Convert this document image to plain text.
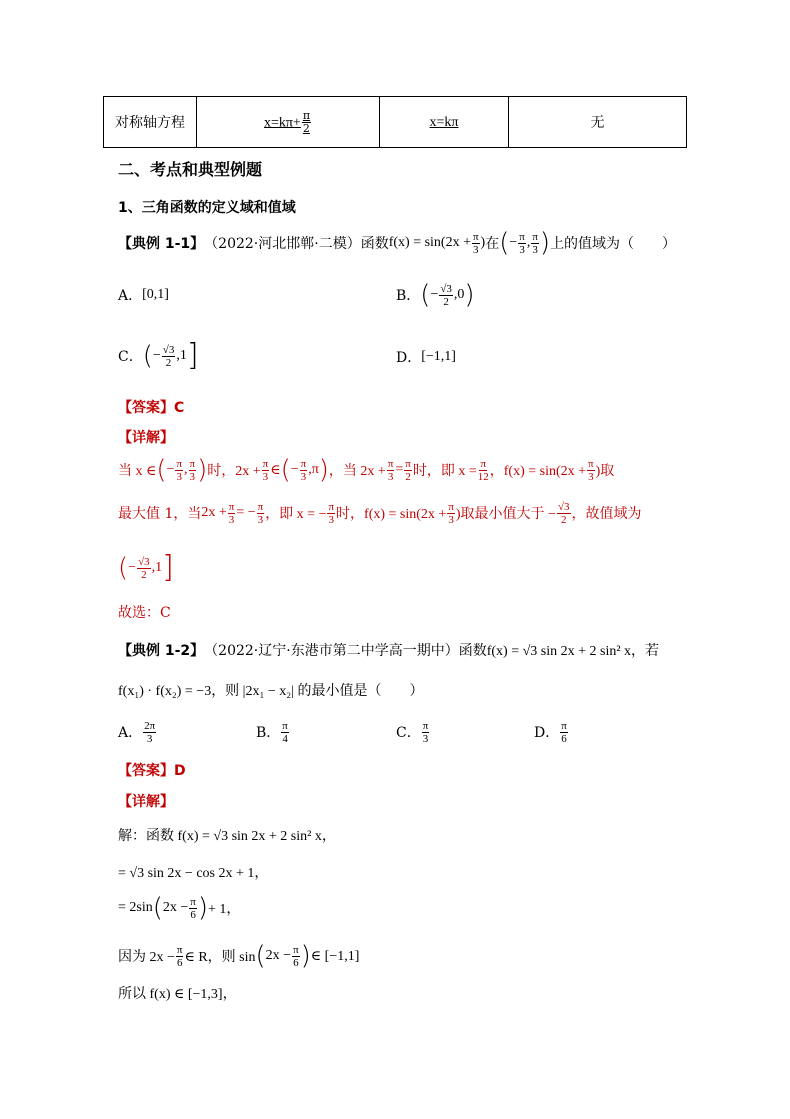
对称轴方程	$x=k\pi+ \frac{\pi}{2}$	x=kπ	无
二、考点和典型例题
1、三角函数的定义域和值域
【典例 1-1】 （2022·河北邯郸·二模）函数 $f(x) = \sin(2x + \frac{\pi}{3}$ ) 在 ( − $\frac{\pi}{3}$ , $\frac{\pi}{3}$ ) 上的值域为（　　）
A． [0,1]	B． ( − $\frac{√3}{2} ,0$ )
C． ( − $\frac{√3}{2} ,1$ ]	D． [−1,1]
【答案】C
【详解】
当 x ∈ ( − $\frac{\pi}{3}$ , $\frac{\pi}{3}$ ) 时，$2x + \frac{\pi}{3}$ ∈ ( − $\frac{\pi}{3} ,\pi$ ) ，当 $2x + \frac{\pi}{3} = \frac{\pi}{2}$ 时，即 $x = \frac{\pi}{12}$ ，$f(x) = \sin(2x + \frac{\pi}{3}$ )取
最大值 1，当 $2x + \frac{\pi}{3}$ = − $\frac{\pi}{3}$ ，即 x = − $\frac{\pi}{3}$ 时，$f(x) = \sin(2x + \frac{\pi}{3}$ )取最小值大于 − $\frac{√3}{2}$ ，故值域为
( − $\frac{√3}{2} ,1$ ]
故选：C
【典例 1-2】 （2022·辽宁·东港市第二中学高一期中）函数 f(x) = √3 sin 2x + 2 sin² x，若
f(x₁) · f(x₂) = −3，则 |2x₁ − x₂| 的最小值是（　　）
A． $\frac{2\pi}{3}$	B． $\frac{\pi}{4}$	C． $\frac{\pi}{3}$	D． $\frac{\pi}{6}$
【答案】D
【详解】
解：函数 f(x) = √3 sin 2x + 2 sin² x，
= √3 sin 2x − cos 2x + 1，
= 2sin ( $2x - \frac{\pi}{6}$ ) + 1，
因为 $2x - \frac{\pi}{6}$ ∈ R，则 sin ( $2x - \frac{\pi}{6}$ ) ∈ [−1,1]
所以 f(x) ∈ [−1,3]，
